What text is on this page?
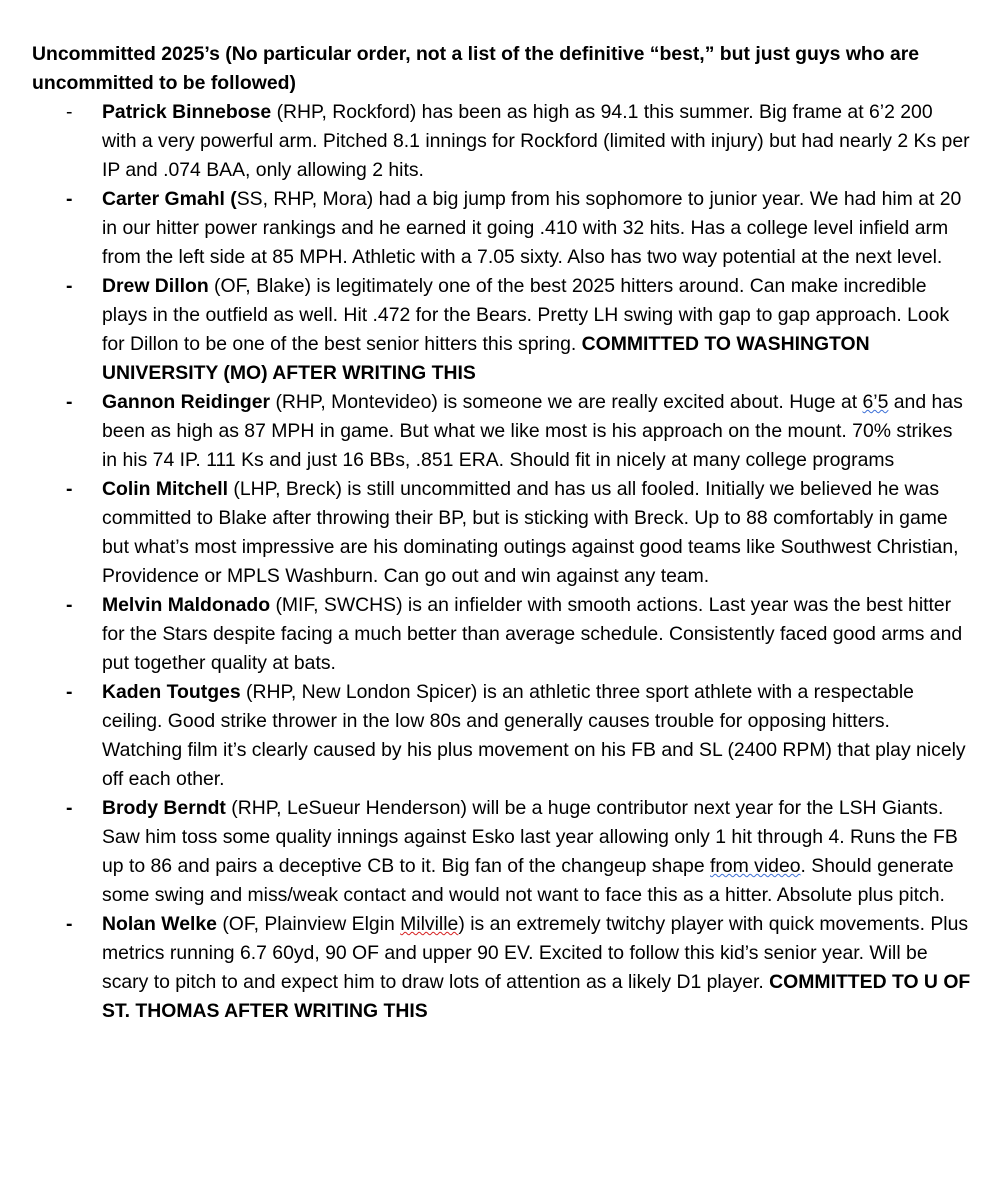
Uncommitted 2025’s (No particular order, not a list of the definitive “best,” but just guys who are uncommitted to be followed)

-	Patrick Binnebose (RHP, Rockford) has been as high as 94.1 this summer. Big frame at 6’2 200 with a very powerful arm. Pitched 8.1 innings for Rockford (limited with injury) but had nearly 2 Ks per IP and .074 BAA, only allowing 2 hits.
-	Carter Gmahl (SS, RHP, Mora) had a big jump from his sophomore to junior year. We had him at 20 in our hitter power rankings and he earned it going .410 with 32 hits. Has a college level infield arm from the left side at 85 MPH. Athletic with a 7.05 sixty. Also has two way potential at the next level.
-	Drew Dillon (OF, Blake) is legitimately one of the best 2025 hitters around. Can make incredible plays in the outfield as well. Hit .472 for the Bears. Pretty LH swing with gap to gap approach. Look for Dillon to be one of the best senior hitters this spring. COMMITTED TO WASHINGTON UNIVERSITY (MO) AFTER WRITING THIS
-	Gannon Reidinger (RHP, Montevideo) is someone we are really excited about. Huge at 6’5 and has been as high as 87 MPH in game. But what we like most is his approach on the mount. 70% strikes in his 74 IP. 111 Ks and just 16 BBs, .851 ERA. Should fit in nicely at many college programs
-	Colin Mitchell (LHP, Breck) is still uncommitted and has us all fooled. Initially we believed he was committed to Blake after throwing their BP, but is sticking with Breck. Up to 88 comfortably in game but what’s most impressive are his dominating outings against good teams like Southwest Christian, Providence or MPLS Washburn. Can go out and win against any team.
-	Melvin Maldonado (MIF, SWCHS) is an infielder with smooth actions. Last year was the best hitter for the Stars despite facing a much better than average schedule. Consistently faced good arms and put together quality at bats.
-	Kaden Toutges (RHP, New London Spicer) is an athletic three sport athlete with a respectable ceiling. Good strike thrower in the low 80s and generally causes trouble for opposing hitters. Watching film it’s clearly caused by his plus movement on his FB and SL (2400 RPM) that play nicely off each other.
-	Brody Berndt (RHP, LeSueur Henderson) will be a huge contributor next year for the LSH Giants. Saw him toss some quality innings against Esko last year allowing only 1 hit through 4. Runs the FB up to 86 and pairs a deceptive CB to it. Big fan of the changeup shape from video. Should generate some swing and miss/weak contact and would not want to face this as a hitter. Absolute plus pitch.
-	Nolan Welke (OF, Plainview Elgin Milville) is an extremely twitchy player with quick movements. Plus metrics running 6.7 60yd, 90 OF and upper 90 EV. Excited to follow this kid’s senior year. Will be scary to pitch to and expect him to draw lots of attention as a likely D1 player. COMMITTED TO U OF ST. THOMAS AFTER WRITING THIS
